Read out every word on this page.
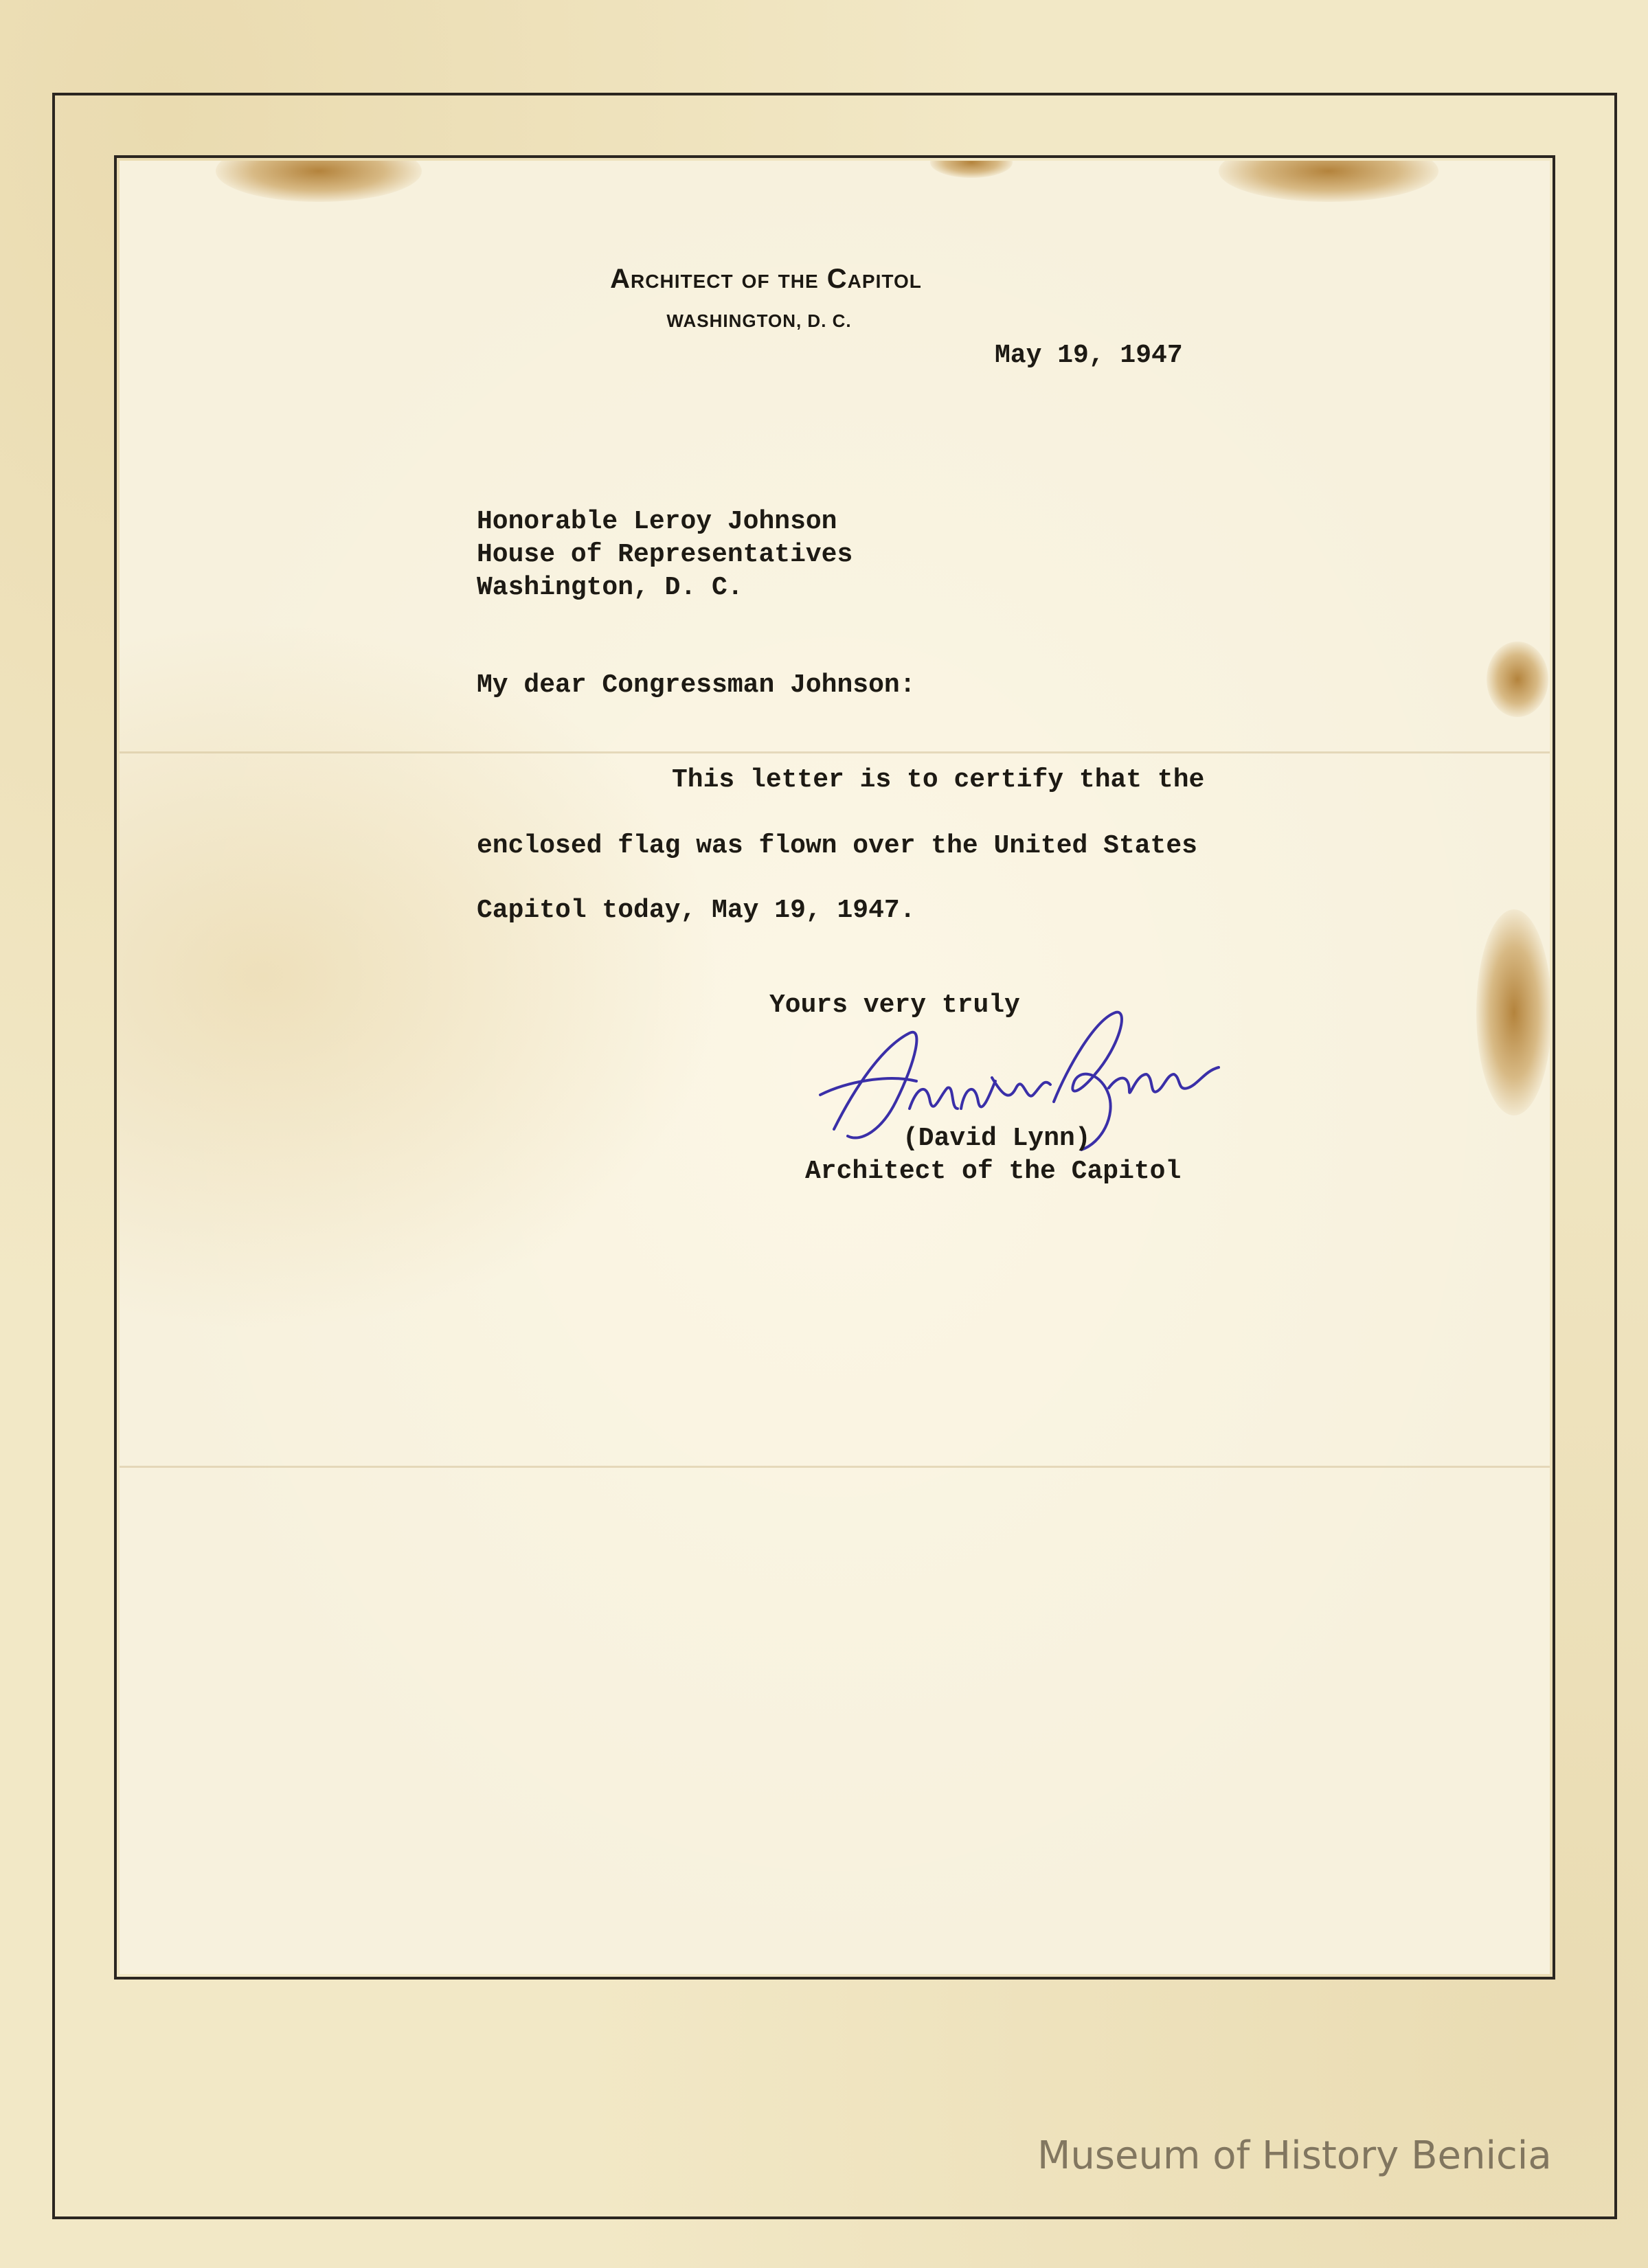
Architect of the Capitol
WASHINGTON, D. C.
May 19, 1947
Honorable Leroy Johnson
House of Representatives
Washington, D. C.
My dear Congressman Johnson:
This letter is to certify that the
enclosed flag was flown over the United States
Capitol today, May 19, 1947.
Yours very truly
(David Lynn)
Architect of the Capitol
Museum of History Benicia
